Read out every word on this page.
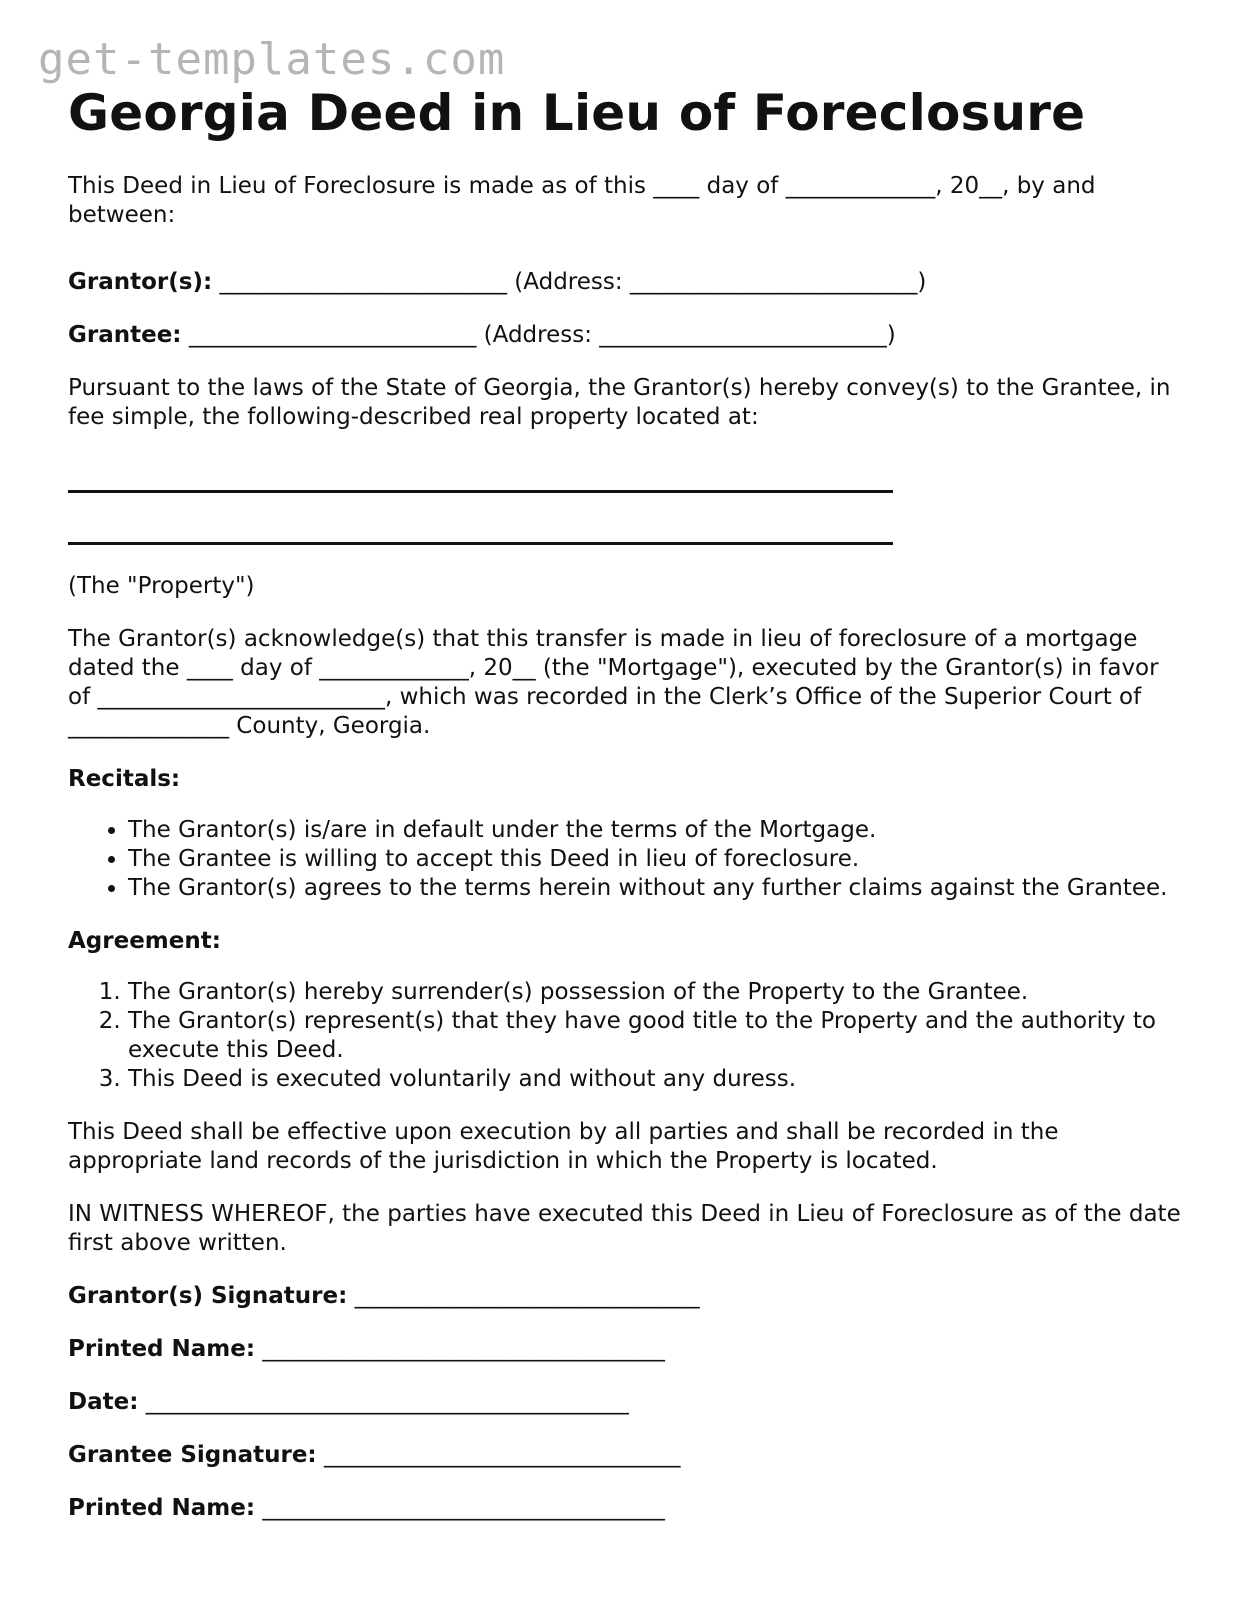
get-templates.com
Georgia Deed in Lieu of Foreclosure

This Deed in Lieu of Foreclosure is made as of this ____ day of _____________, 20__, by and between:

Grantor(s): _________________________ (Address: _________________________)

Grantee: _________________________ (Address: _________________________)

Pursuant to the laws of the State of Georgia, the Grantor(s) hereby convey(s) to the Grantee, in fee simple, the following-described real property located at:

(The "Property")

The Grantor(s) acknowledge(s) that this transfer is made in lieu of foreclosure of a mortgage dated the ____ day of _____________, 20__ (the "Mortgage"), executed by the Grantor(s) in favor of _________________________, which was recorded in the Clerk’s Office of the Superior Court of ______________ County, Georgia.

Recitals:

• The Grantor(s) is/are in default under the terms of the Mortgage.
• The Grantee is willing to accept this Deed in lieu of foreclosure.
• The Grantor(s) agrees to the terms herein without any further claims against the Grantee.

Agreement:

1. The Grantor(s) hereby surrender(s) possession of the Property to the Grantee.
2. The Grantor(s) represent(s) that they have good title to the Property and the authority to execute this Deed.
3. This Deed is executed voluntarily and without any duress.

This Deed shall be effective upon execution by all parties and shall be recorded in the appropriate land records of the jurisdiction in which the Property is located.

IN WITNESS WHEREOF, the parties have executed this Deed in Lieu of Foreclosure as of the date first above written.

Grantor(s) Signature: ______________________________

Printed Name: ___________________________________

Date: __________________________________________

Grantee Signature: _______________________________

Printed Name: ___________________________________
